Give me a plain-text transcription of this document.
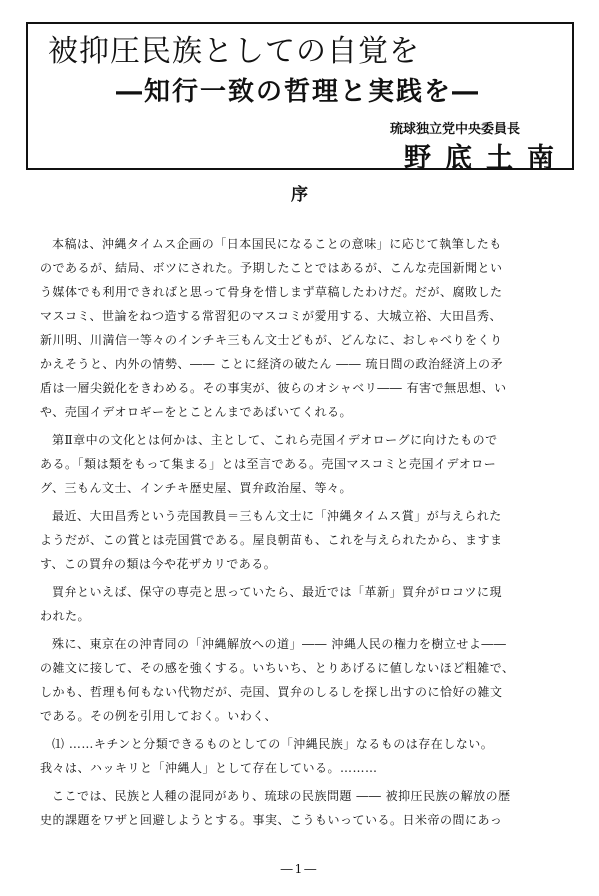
被抑圧民族としての自覚を
―知行一致の哲理と実践を―
琉球独立党中央委員長
野底土南
序
本稿は、沖縄タイムス企画の「日本国民になることの意味」に応じて執筆したも
のであるが、結局、ボツにされた。予期したことではあるが、こんな売国新聞とい
う媒体でも利用できればと思って骨身を惜しまず草稿したわけだ。だが、腐敗した
マスコミ、世論をねつ造する常習犯のマスコミが愛用する、大城立裕、大田昌秀、
新川明、川満信一等々のインチキ三もん文士どもが、どんなに、おしゃべりをくり
かえそうと、内外の情勢、―― ことに経済の破たん ―― 琉日間の政治経済上の矛
盾は一層尖鋭化をきわめる。その事実が、彼らのオシャベリ―― 有害で無思想、い
や、売国イデオロギーをとことんまであばいてくれる。
第Ⅱ章中の文化とは何かは、主として、これら売国イデオローグに向けたもので
ある。「類は類をもって集まる」とは至言である。売国マスコミと売国イデオロー
グ、三もん文士、インチキ歴史屋、買弁政治屋、等々。
最近、大田昌秀という売国教員＝三もん文士に「沖縄タイムス賞」が与えられた
ようだが、この賞とは売国賞である。屋良朝苗も、これを与えられたから、ますま
す、この買弁の類は今や花ザカリである。
買弁といえば、保守の専売と思っていたら、最近では「革新」買弁がロコツに現
われた。
殊に、東京在の沖青同の「沖縄解放への道」―― 沖縄人民の権力を樹立せよ――
の雑文に接して、その感を強くする。いちいち、とりあげるに値しないほど粗雑で、
しかも、哲理も何もない代物だが、売国、買弁のしるしを探し出すのに恰好の雑文
である。その例を引用しておく。いわく、
⑴ ……キチンと分類できるものとしての「沖縄民族」なるものは存在しない。
我々は、ハッキリと「沖縄人」として存在している。………
ここでは、民族と人種の混同があり、琉球の民族問題 ―― 被抑圧民族の解放の歴
史的課題をワザと回避しようとする。事実、こうもいっている。日米帝の間にあっ
―1―
